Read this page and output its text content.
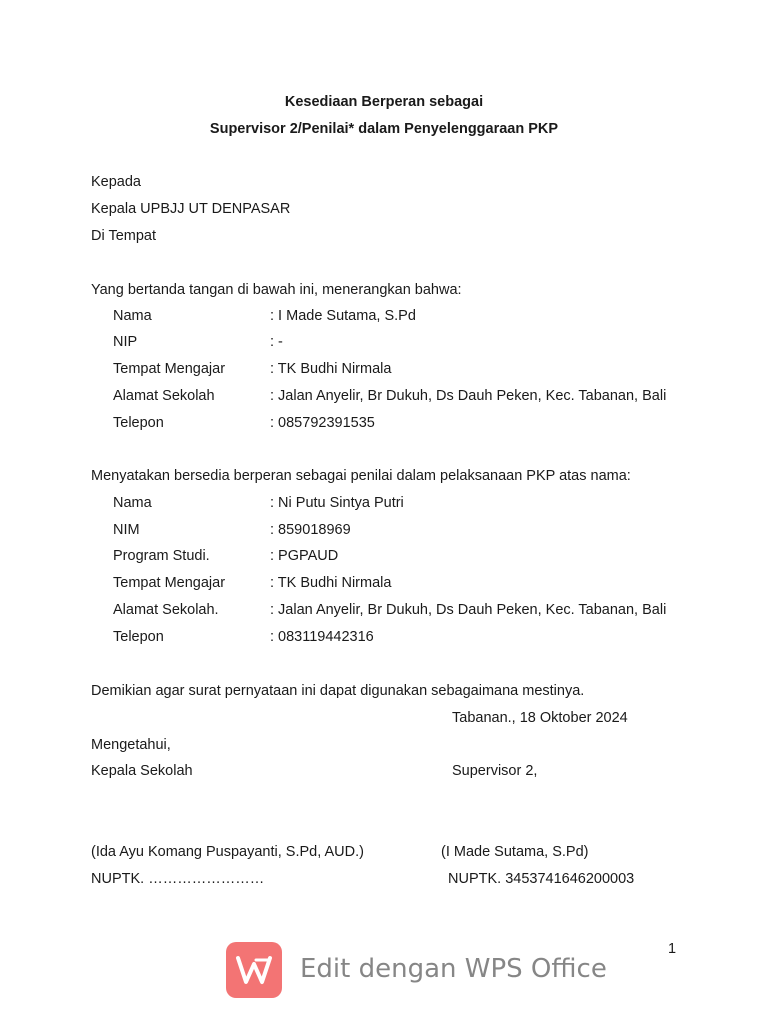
Kesediaan Berperan sebagai
Supervisor 2/Penilai* dalam Penyelenggaraan PKP
Kepada
Kepala UPBJJ UT DENPASAR
Di Tempat
Yang bertanda tangan di bawah ini, menerangkan bahwa:
Nama	: I Made Sutama, S.Pd
NIP	: -
Tempat Mengajar	: TK Budhi Nirmala
Alamat Sekolah	: Jalan Anyelir, Br Dukuh, Ds Dauh Peken, Kec. Tabanan, Bali
Telepon	: 085792391535
Menyatakan bersedia berperan sebagai penilai dalam pelaksanaan PKP atas nama:
Nama	: Ni Putu Sintya Putri
NIM	: 859018969
Program Studi.	: PGPAUD
Tempat Mengajar	: TK Budhi Nirmala
Alamat Sekolah.	: Jalan Anyelir, Br Dukuh, Ds Dauh Peken, Kec. Tabanan, Bali
Telepon	: 083119442316
Demikian agar surat pernyataan ini dapat digunakan sebagaimana mestinya.
Tabanan., 18 Oktober 2024
Mengetahui,
Kepala Sekolah	Supervisor 2,
(Ida Ayu Komang Puspayanti, S.Pd, AUD.)	(I Made Sutama, S.Pd)
NUPTK. ……………………	NUPTK. 3453741646200003
1
Edit dengan WPS Office
